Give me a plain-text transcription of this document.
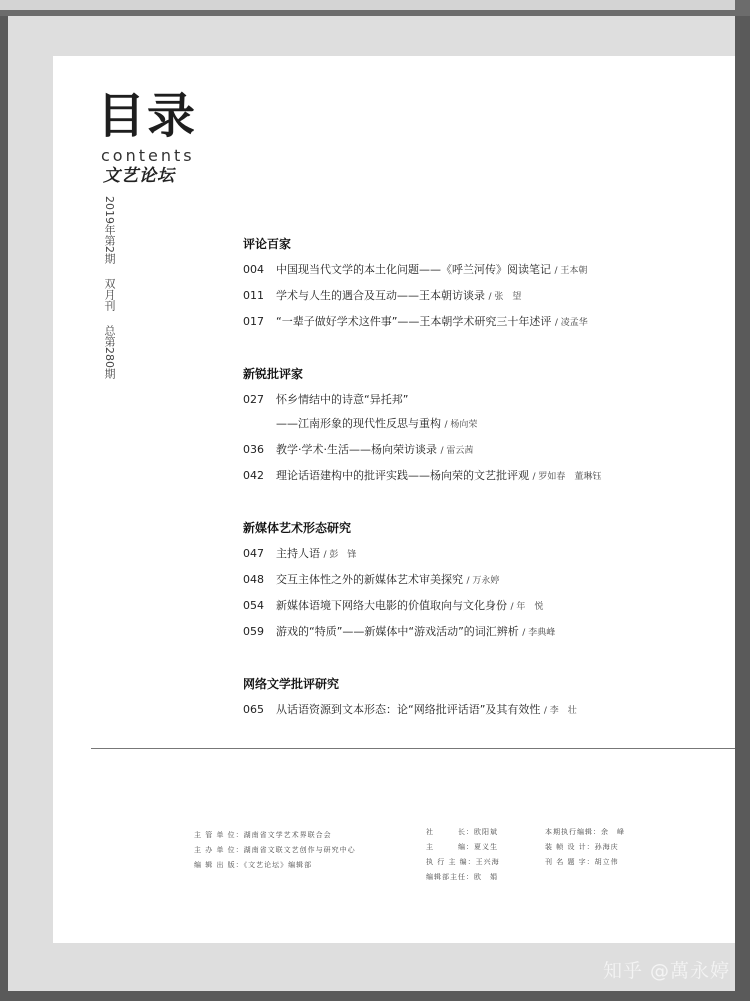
目录
contents
文艺论坛
2019年第2期双月刊总第280期
评论百家
004 中国现当代文学的本土化问题——《呼兰河传》阅读笔记 / 王本朝
011 学术与人生的遇合及互动——王本朝访谈录 / 张　望
017 “一辈子做好学术这件事”——王本朝学术研究三十年述评 / 凌孟华
新锐批评家
027 怀乡情结中的诗意“异托邦”
——江南形象的现代性反思与重构 / 杨向荣
036 教学·学术·生活——杨向荣访谈录 / 雷云茜
042 理论话语建构中的批评实践——杨向荣的文艺批评观 / 罗如春　董琳钰
新媒体艺术形态研究
047 主持人语 / 彭　锋
048 交互主体性之外的新媒体艺术审美探究 / 万永婷
054 新媒体语境下网络大电影的价值取向与文化身份 / 年　悦
059 游戏的“特质”——新媒体中“游戏活动”的词汇辨析 / 李典峰
网络文学批评研究
065 从话语资源到文本形态：论“网络批评话语”及其有效性 / 李　壮
主 管 单 位：湖南省文学艺术界联合会
主 办 单 位：湖南省文联文艺创作与研究中心
编 辑 出 版：《文艺论坛》编辑部
社　　　长：欧阳斌
主　　　编：夏义生
执 行 主 编：王兴海
编辑部主任：欧　娟
本期执行编辑：余　峰
装 帧 设 计：孙海庆
刊 名 题 字：胡立伟
知乎 @萬永婷
